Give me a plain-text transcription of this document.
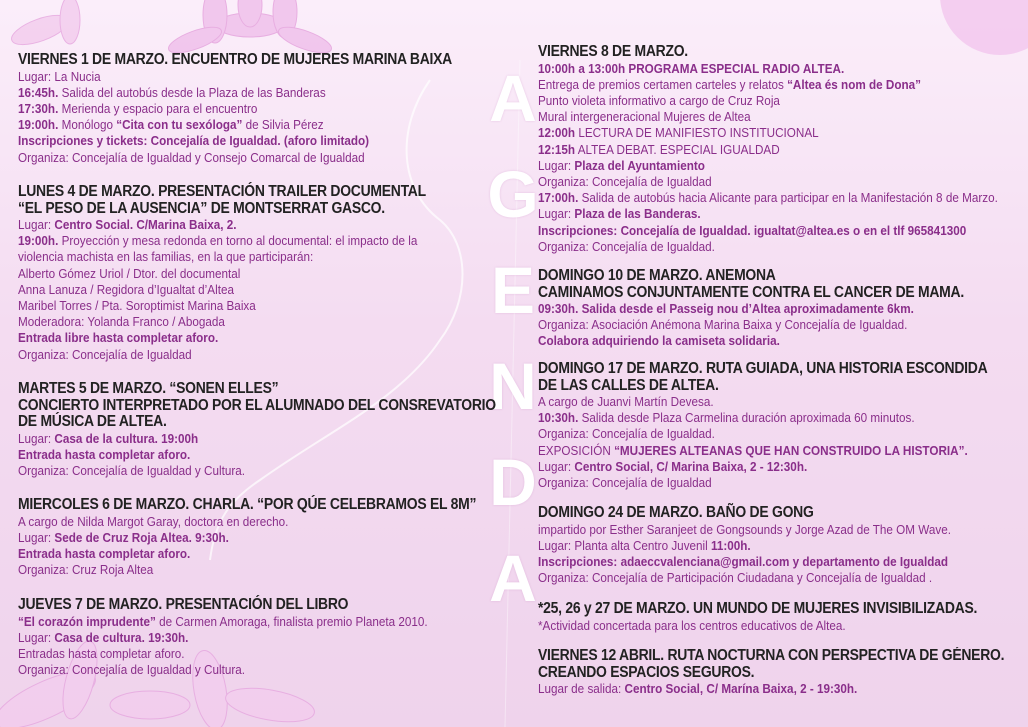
A
G
E
N
D
A
VIERNES 1 DE MARZO. ENCUENTRO DE MUJERES MARINA BAIXA
Lugar: La Nucia
16:45h. Salida del autobús desde la Plaza de las Banderas
17:30h. Merienda y espacio para el encuentro
19:00h. Monólogo “Cita con tu sexóloga” de Silvia Pérez
Inscripciones y tickets: Concejalía de Igualdad. (aforo limitado)
Organiza: Concejalía de Igualdad y Consejo Comarcal de Igualdad
LUNES 4 DE MARZO. PRESENTACIÓN TRAILER DOCUMENTAL
“EL PESO DE LA AUSENCIA” DE MONTSERRAT GASCO.
Lugar: Centro Social. C/Marina Baixa, 2.
19:00h. Proyección y mesa redonda en torno al documental: el impacto de la
violencia machista en las familias, en la que participarán:
Alberto Gómez Uriol / Dtor. del documental
Anna Lanuza / Regidora d’Igualtat d’Altea
Maribel Torres / Pta. Soroptimist Marina Baixa
Moderadora: Yolanda Franco / Abogada
Entrada libre hasta completar aforo.
Organiza: Concejalía de Igualdad
MARTES 5 DE MARZO. “SONEN ELLES”
CONCIERTO INTERPRETADO POR EL ALUMNADO DEL CONSREVATORIO
DE MÚSICA DE ALTEA.
Lugar: Casa de la cultura. 19:00h
Entrada hasta completar aforo.
Organiza: Concejalía de Igualdad y Cultura.
MIERCOLES 6 DE MARZO. CHARLA. “POR QÚE CELEBRAMOS EL 8M”
A cargo de Nilda Margot Garay, doctora en derecho.
Lugar: Sede de Cruz Roja Altea. 9:30h.
Entrada hasta completar aforo.
Organiza: Cruz Roja Altea
JUEVES 7 DE MARZO. PRESENTACIÓN DEL LIBRO
“El corazón imprudente” de Carmen Amoraga, finalista premio Planeta 2010.
Lugar: Casa de cultura. 19:30h.
Entradas hasta completar aforo.
Organiza: Concejalía de Igualdad y Cultura.
VIERNES 8 DE MARZO.
10:00h a 13:00h PROGRAMA ESPECIAL RADIO ALTEA.
Entrega de premios certamen carteles y relatos “Altea és nom de Dona”
Punto violeta informativo a cargo de Cruz Roja
Mural intergeneracional Mujeres de Altea
12:00h LECTURA DE MANIFIESTO INSTITUCIONAL
12:15h ALTEA DEBAT. ESPECIAL IGUALDAD
Lugar: Plaza del Ayuntamiento
Organiza: Concejalía de Igualdad
17:00h. Salida de autobús hacia Alicante para participar en la Manifestación 8 de Marzo.
Lugar: Plaza de las Banderas.
Inscripciones: Concejalía de Igualdad. igualtat@altea.es o en el tlf 965841300
Organiza: Concejalía de Igualdad.
DOMINGO 10 DE MARZO. ANEMONA
CAMINAMOS CONJUNTAMENTE CONTRA EL CANCER DE MAMA.
09:30h. Salida desde el Passeig nou d’Altea aproximadamente 6km.
Organiza: Asociación Anémona Marina Baixa y Concejalía de Igualdad.
Colabora adquiriendo la camiseta solidaria.
DOMINGO 17 DE MARZO. RUTA GUIADA, UNA HISTORIA ESCONDIDA
DE LAS CALLES DE ALTEA.
A cargo de Juanvi Martín Devesa.
10:30h. Salida desde Plaza Carmelina duración aproximada 60 minutos.
Organiza: Concejalía de Igualdad.
EXPOSICIÓN “MUJERES ALTEANAS QUE HAN CONSTRUIDO LA HISTORIA”.
Lugar: Centro Social, C/ Marina Baixa, 2 - 12:30h.
Organiza: Concejalía de Igualdad
DOMINGO 24 DE MARZO. BAÑO DE GONG
impartido por Esther Saranjeet de Gongsounds y Jorge Azad de The OM Wave.
Lugar: Planta alta Centro Juvenil 11:00h.
Inscripciones: adaeccvalenciana@gmail.com y departamento de Igualdad
Organiza: Concejalía de Participación Ciudadana y Concejalía de Igualdad .
*25, 26 y 27 DE MARZO. UN MUNDO DE MUJERES INVISIBILIZADAS.
*Actividad concertada para los centros educativos de Altea.
VIERNES 12 ABRIL. RUTA NOCTURNA CON PERSPECTIVA DE GÉNERO.
CREANDO ESPACIOS SEGUROS.
Lugar de salida: Centro Social, C/ Marína Baixa, 2 - 19:30h.
